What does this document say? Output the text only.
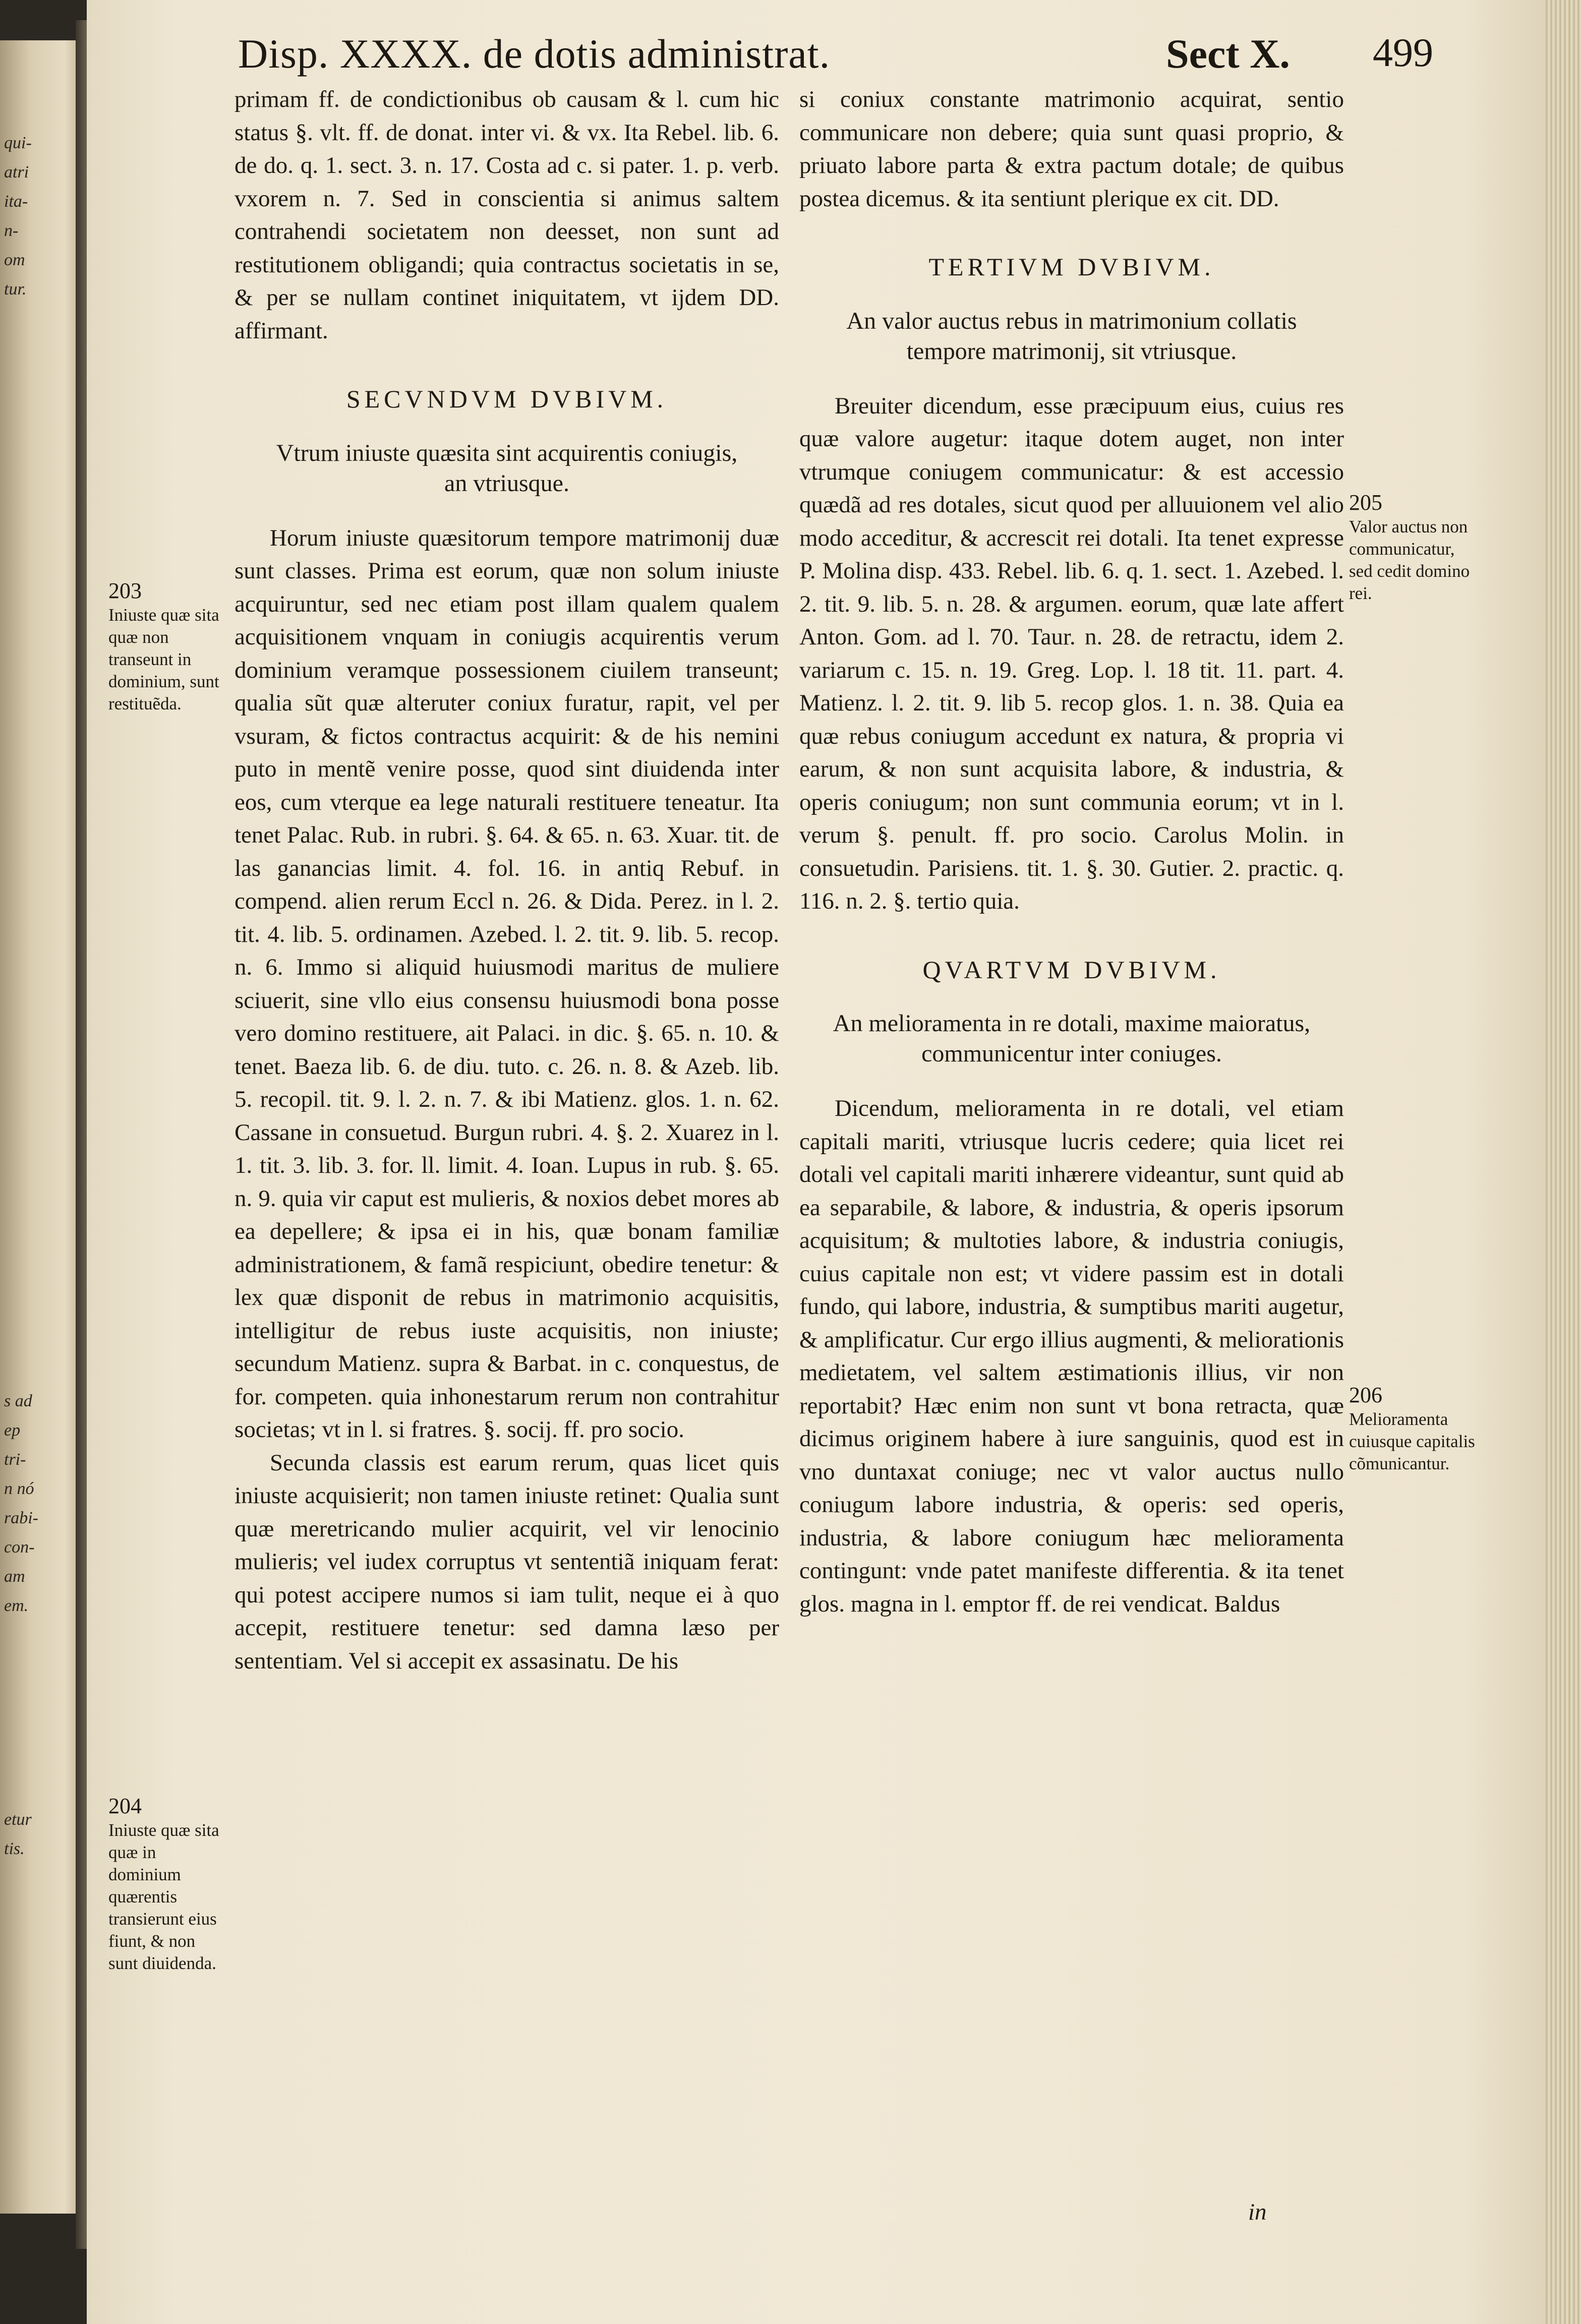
qui-
atri
ita-
n-
om
tur.
s ad
ep
tri-
n nó
rabi-
con-
am
em.
etur
tis.
Disp. XXXX. de dotis administrat.	Sect X. 499

primam ff. de condictionibus ob causam & l. cum hic status §. vlt. ff. de donat. inter vi. & vx. Ita Rebel. lib. 6. de do. q. 1. sect. 3. n. 17. Costa ad c. si pater. 1. p. verb. vxorem n. 7. Sed in conscientia si animus saltem contrahendi societatem non deesset, non sunt ad restitutionem obligandi; quia contractus societatis in se, & per se nullam continet iniquitatem, vt ijdem DD. affirmant.

SECVNDVM DVBIVM.
Vtrum iniuste quæsita sint acquirentis coniugis, an vtriusque.

Horum iniuste quæsitorum tempore matrimonij duæ sunt classes. Prima est eorum, quæ non solum iniuste acquiruntur, sed nec etiam post illam qualem qualem acquisitionem vnquam in coniugis acquirentis verum dominium veramque possessionem ciuilem transeunt; qualia sũt quæ alteruter coniux furatur, rapit, vel per vsuram, & fictos contractus acquirit: & de his nemini puto in mentẽ venire posse, quod sint diuidenda inter eos, cum vterque ea lege naturali restituere teneatur. Ita tenet Palac. Rub. in rubri. §. 64. & 65. n. 63. Xuar. tit. de las ganancias limit. 4. fol. 16. in antiq Rebuf. in compend. alien rerum Eccl n. 26. & Dida. Perez. in l. 2. tit. 4. lib. 5. ordinamen. Azebed. l. 2. tit. 9. lib. 5. recop. n. 6. Immo si aliquid huiusmodi maritus de muliere sciuerit, sine vllo eius consensu huiusmodi bona posse vero domino restituere, ait Palaci. in dic. §. 65. n. 10. & tenet. Baeza lib. 6. de diu. tuto. c. 26. n. 8. & Azeb. lib. 5. recopil. tit. 9. l. 2. n. 7. & ibi Matienz. glos. 1. n. 62. Cassane in consuetud. Burgun rubri. 4. §. 2. Xuarez in l. 1. tit. 3. lib. 3. for. ll. limit. 4. Ioan. Lupus in rub. §. 65. n. 9. quia vir caput est mulieris, & noxios debet mores ab ea depellere; & ipsa ei in his, quæ bonam familiæ administrationem, & famã respiciunt, obedire tenetur: & lex quæ disponit de rebus in matrimonio acquisitis, intelligitur de rebus iuste acquisitis, non iniuste; secundum Matienz. supra & Barbat. in c. conquestus, de for. competen. quia inhonestarum rerum non contrahitur societas; vt in l. si fratres. §. socij. ff. pro socio.

Secunda classis est earum rerum, quas licet quis iniuste acquisierit; non tamen iniuste retinet: Qualia sunt quæ meretricando mulier acquirit, vel vir lenocinio mulieris; vel iudex corruptus vt sententiã iniquam ferat: qui potest accipere numos si iam tulit, neque ei à quo accepit, restituere tenetur: sed damna læso per sententiam. Vel si accepit ex assasinatu. De his

si coniux constante matrimonio acquirat, sentio communicare non debere; quia sunt quasi proprio, & priuato labore parta & extra pactum dotale; de quibus postea dicemus. & ita sentiunt plerique ex cit. DD.

TERTIVM DVBIVM.
An valor auctus rebus in matrimonium collatis tempore matrimonij, sit vtriusque.

Breuiter dicendum, esse præcipuum eius, cuius res quæ valore augetur: itaque dotem auget, non inter vtrumque coniugem communicatur: & est accessio quædã ad res dotales, sicut quod per alluuionem vel alio modo acceditur, & accrescit rei dotali. Ita tenet expresse P. Molina disp. 433. Rebel. lib. 6. q. 1. sect. 1. Azebed. l. 2. tit. 9. lib. 5. n. 28. & argumen. eorum, quæ late affert Anton. Gom. ad l. 70. Taur. n. 28. de retractu, idem 2. variarum c. 15. n. 19. Greg. Lop. l. 18 tit. 11. part. 4. Matienz. l. 2. tit. 9. lib 5. recop glos. 1. n. 38. Quia ea quæ rebus coniugum accedunt ex natura, & propria vi earum, & non sunt acquisita labore, & industria, & operis coniugum; non sunt communia eorum; vt in l. verum §. penult. ff. pro socio. Carolus Molin. in consuetudin. Parisiens. tit. 1. §. 30. Gutier. 2. practic. q. 116. n. 2. §. tertio quia.

QVARTVM DVBIVM.
An melioramenta in re dotali, maxime maioratus, communicentur inter coniuges.

Dicendum, melioramenta in re dotali, vel etiam capitali mariti, vtriusque lucris cedere; quia licet rei dotali vel capitali mariti inhærere videantur, sunt quid ab ea separabile, & labore, & industria, & operis ipsorum acquisitum; & multoties labore, & industria coniugis, cuius capitale non est; vt videre passim est in dotali fundo, qui labore, industria, & sumptibus mariti augetur, & amplificatur. Cur ergo illius augmenti, & meliorationis medietatem, vel saltem æstimationis illius, vir non reportabit? Hæc enim non sunt vt bona retracta, quæ dicimus originem habere à iure sanguinis, quod est in vno duntaxat coniuge; nec vt valor auctus nullo coniugum labore industria, & operis: sed operis, industria, & labore coniugum hæc melioramenta contingunt: vnde patet manifeste differentia. & ita tenet glos. magna in l. emptor ff. de rei vendicat. Baldus

in
203
Iniuste quæ sita quæ non transeunt in dominium, sunt restituẽda.
204
Iniuste quæ sita quæ in dominium quærentis transierunt eius fiunt, & non sunt diuidenda.
205
Valor auctus non communicatur, sed cedit domino rei.
206
Melioramenta cuiusque capitalis cõmunicantur.
